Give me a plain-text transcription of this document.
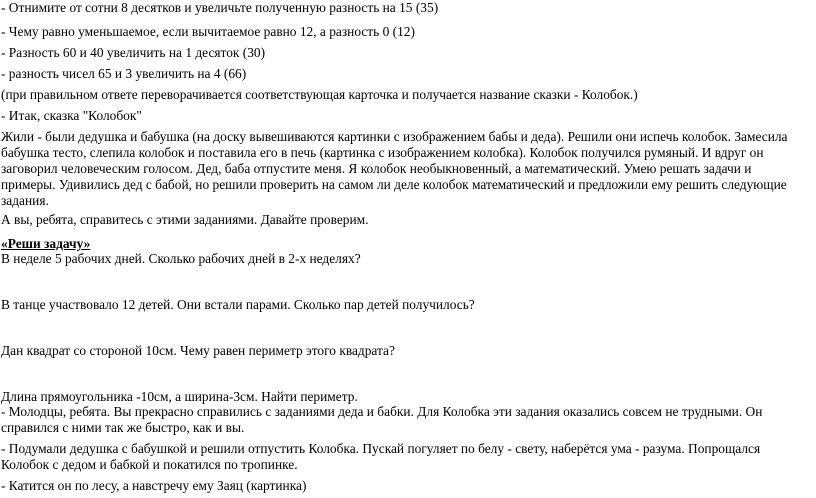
- Отнимите от сотни 8 десятков и увеличьте полученную разность на 15 (35)
- Чему равно уменьшаемое, если вычитаемое равно 12, а разность 0 (12)
- Разность 60 и 40 увеличить на 1 десяток (30)
- разность чисел 65 и 3 увеличить на 4 (66)
(при правильном ответе переворачивается соответствующая карточка и получается название сказки - Колобок.)
- Итак, сказка "Колобок"
Жили - были дедушка и бабушка (на доску вывешиваются картинки с изображением бабы и деда). Решили они испечь колобок. Замесила бабушка тесто, слепила колобок и поставила его в печь (картинка с изображением колобка). Колобок получился румяный. И вдруг он заговорил человеческим голосом. Дед, баба отпустите меня. Я колобок необыкновенный, а математический. Умею решать задачи и примеры. Удивились дед с бабой, но решили проверить на самом ли деле колобок математический и предложили ему решить следующие задания.
А вы, ребята, справитесь с этими заданиями. Давайте проверим.
«Реши задачу»
В неделе 5 рабочих дней. Сколько рабочих дней в 2-х неделях?
В танце участвовало 12 детей. Они встали парами. Сколько пар детей получилось?
Дан квадрат со стороной 10см. Чему равен периметр этого квадрата?
Длина прямоугольника -10см, а ширина-3см. Найти периметр.
- Молодцы, ребята. Вы прекрасно справились с заданиями деда и бабки. Для Колобка эти задания оказались совсем не трудными. Он справился с ними так же быстро, как и вы.
- Подумали дедушка с бабушкой и решили отпустить Колобка. Пускай погуляет по белу - свету, наберётся ума - разума. Попрощался Колобок с дедом и бабкой и покатился по тропинке.
- Катится он по лесу, а навстречу ему Заяц (картинка)
